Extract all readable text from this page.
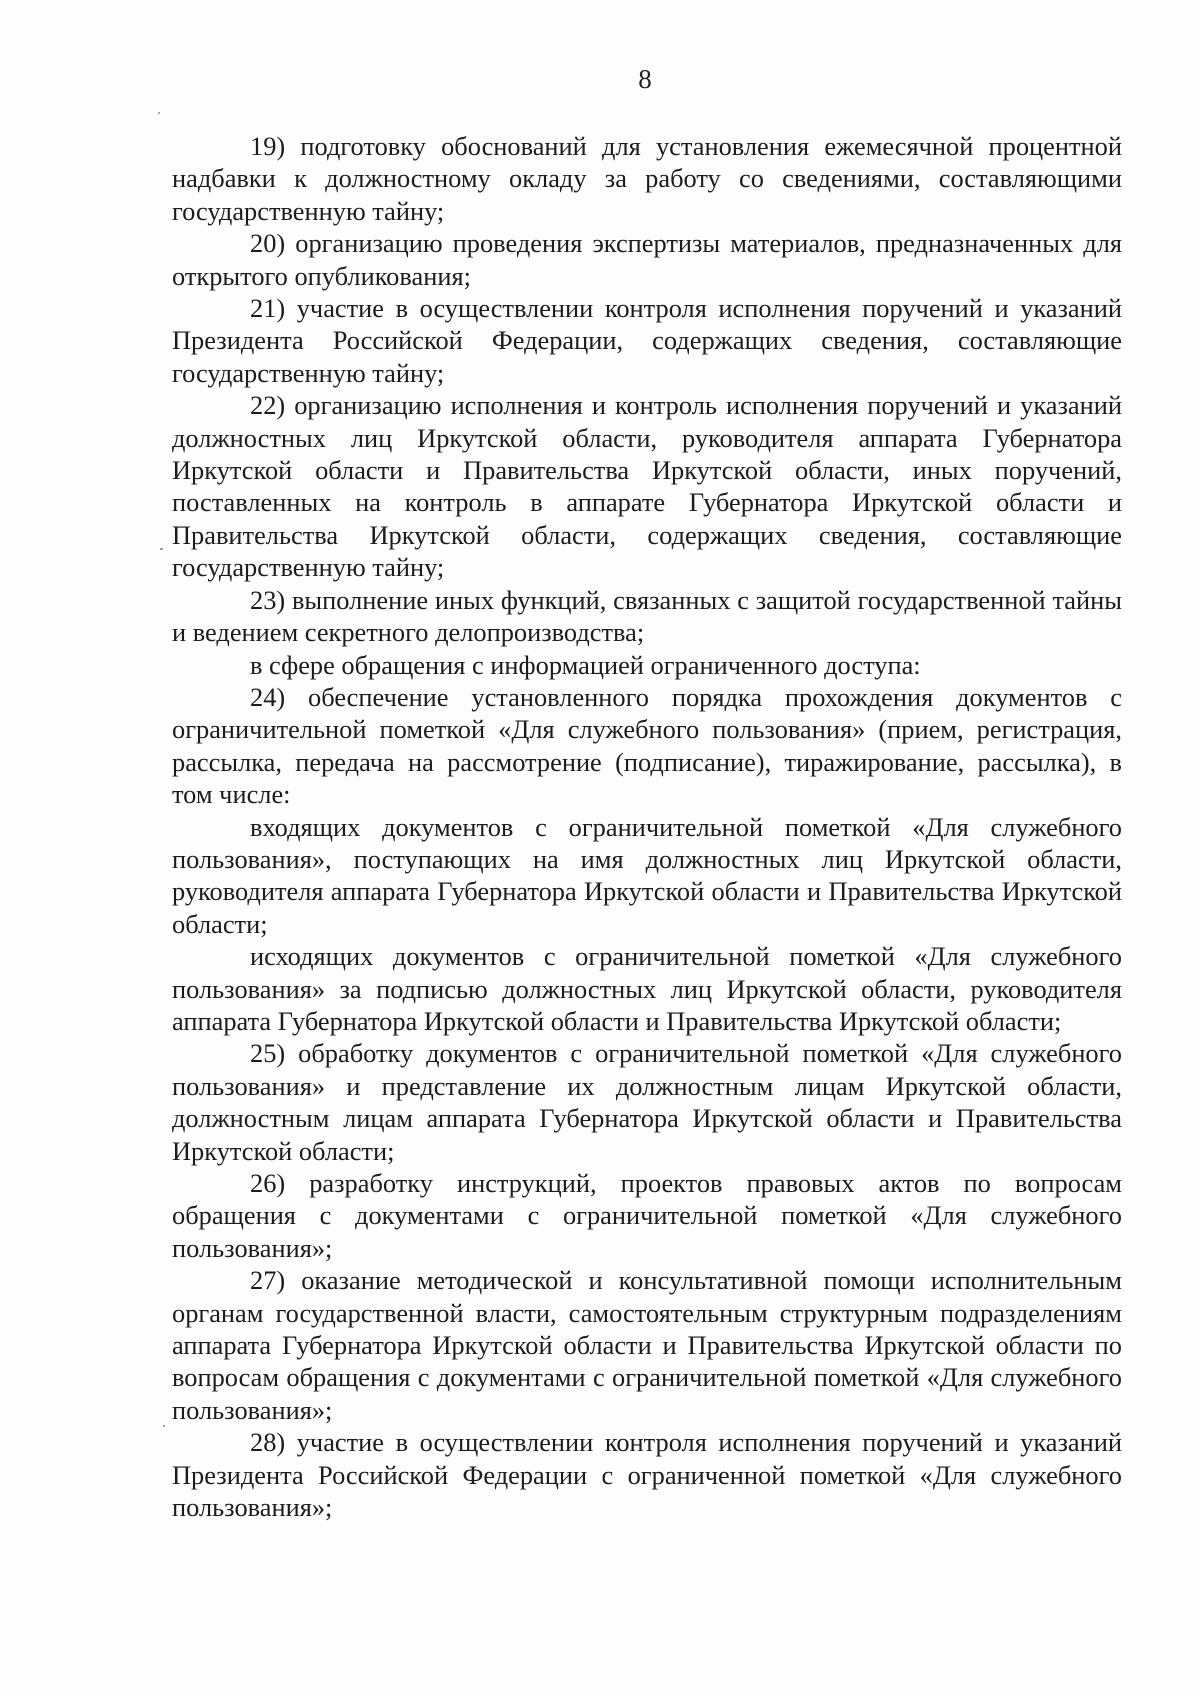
8

19) подготовку обоснований для установления ежемесячной процентной надбавки к должностному окладу за работу со сведениями, составляющими государственную тайну;

20) организацию проведения экспертизы материалов, предназначенных для открытого опубликования;

21) участие в осуществлении контроля исполнения поручений и указаний Президента Российской Федерации, содержащих сведения, составляющие государственную тайну;

22) организацию исполнения и контроль исполнения поручений и указаний должностных лиц Иркутской области, руководителя аппарата Губернатора Иркутской области и Правительства Иркутской области, иных поручений, поставленных на контроль в аппарате Губернатора Иркутской области и Правительства Иркутской области, содержащих сведения, составляющие государственную тайну;

23) выполнение иных функций, связанных с защитой государственной тайны и ведением секретного делопроизводства;

в сфере обращения с информацией ограниченного доступа:

24) обеспечение установленного порядка прохождения документов с ограничительной пометкой «Для служебного пользования» (прием, регистрация, рассылка, передача на рассмотрение (подписание), тиражирование, рассылка), в том числе:

входящих документов с ограничительной пометкой «Для служебного пользования», поступающих на имя должностных лиц Иркутской области, руководителя аппарата Губернатора Иркутской области и Правительства Иркутской области;

исходящих документов с ограничительной пометкой «Для служебного пользования» за подписью должностных лиц Иркутской области, руководителя аппарата Губернатора Иркутской области и Правительства Иркутской области;

25) обработку документов с ограничительной пометкой «Для служебного пользования» и представление их должностным лицам Иркутской области, должностным лицам аппарата Губернатора Иркутской области и Правительства Иркутской области;

26) разработку инструкций, проектов правовых актов по вопросам обращения с документами с ограничительной пометкой «Для служебного пользования»;

27) оказание методической и консультативной помощи исполнительным органам государственной власти, самостоятельным структурным подразделениям аппарата Губернатора Иркутской области и Правительства Иркутской области по вопросам обращения с документами с ограничительной пометкой «Для служебного пользования»;

28) участие в осуществлении контроля исполнения поручений и указаний Президента Российской Федерации с ограниченной пометкой «Для служебного пользования»;
